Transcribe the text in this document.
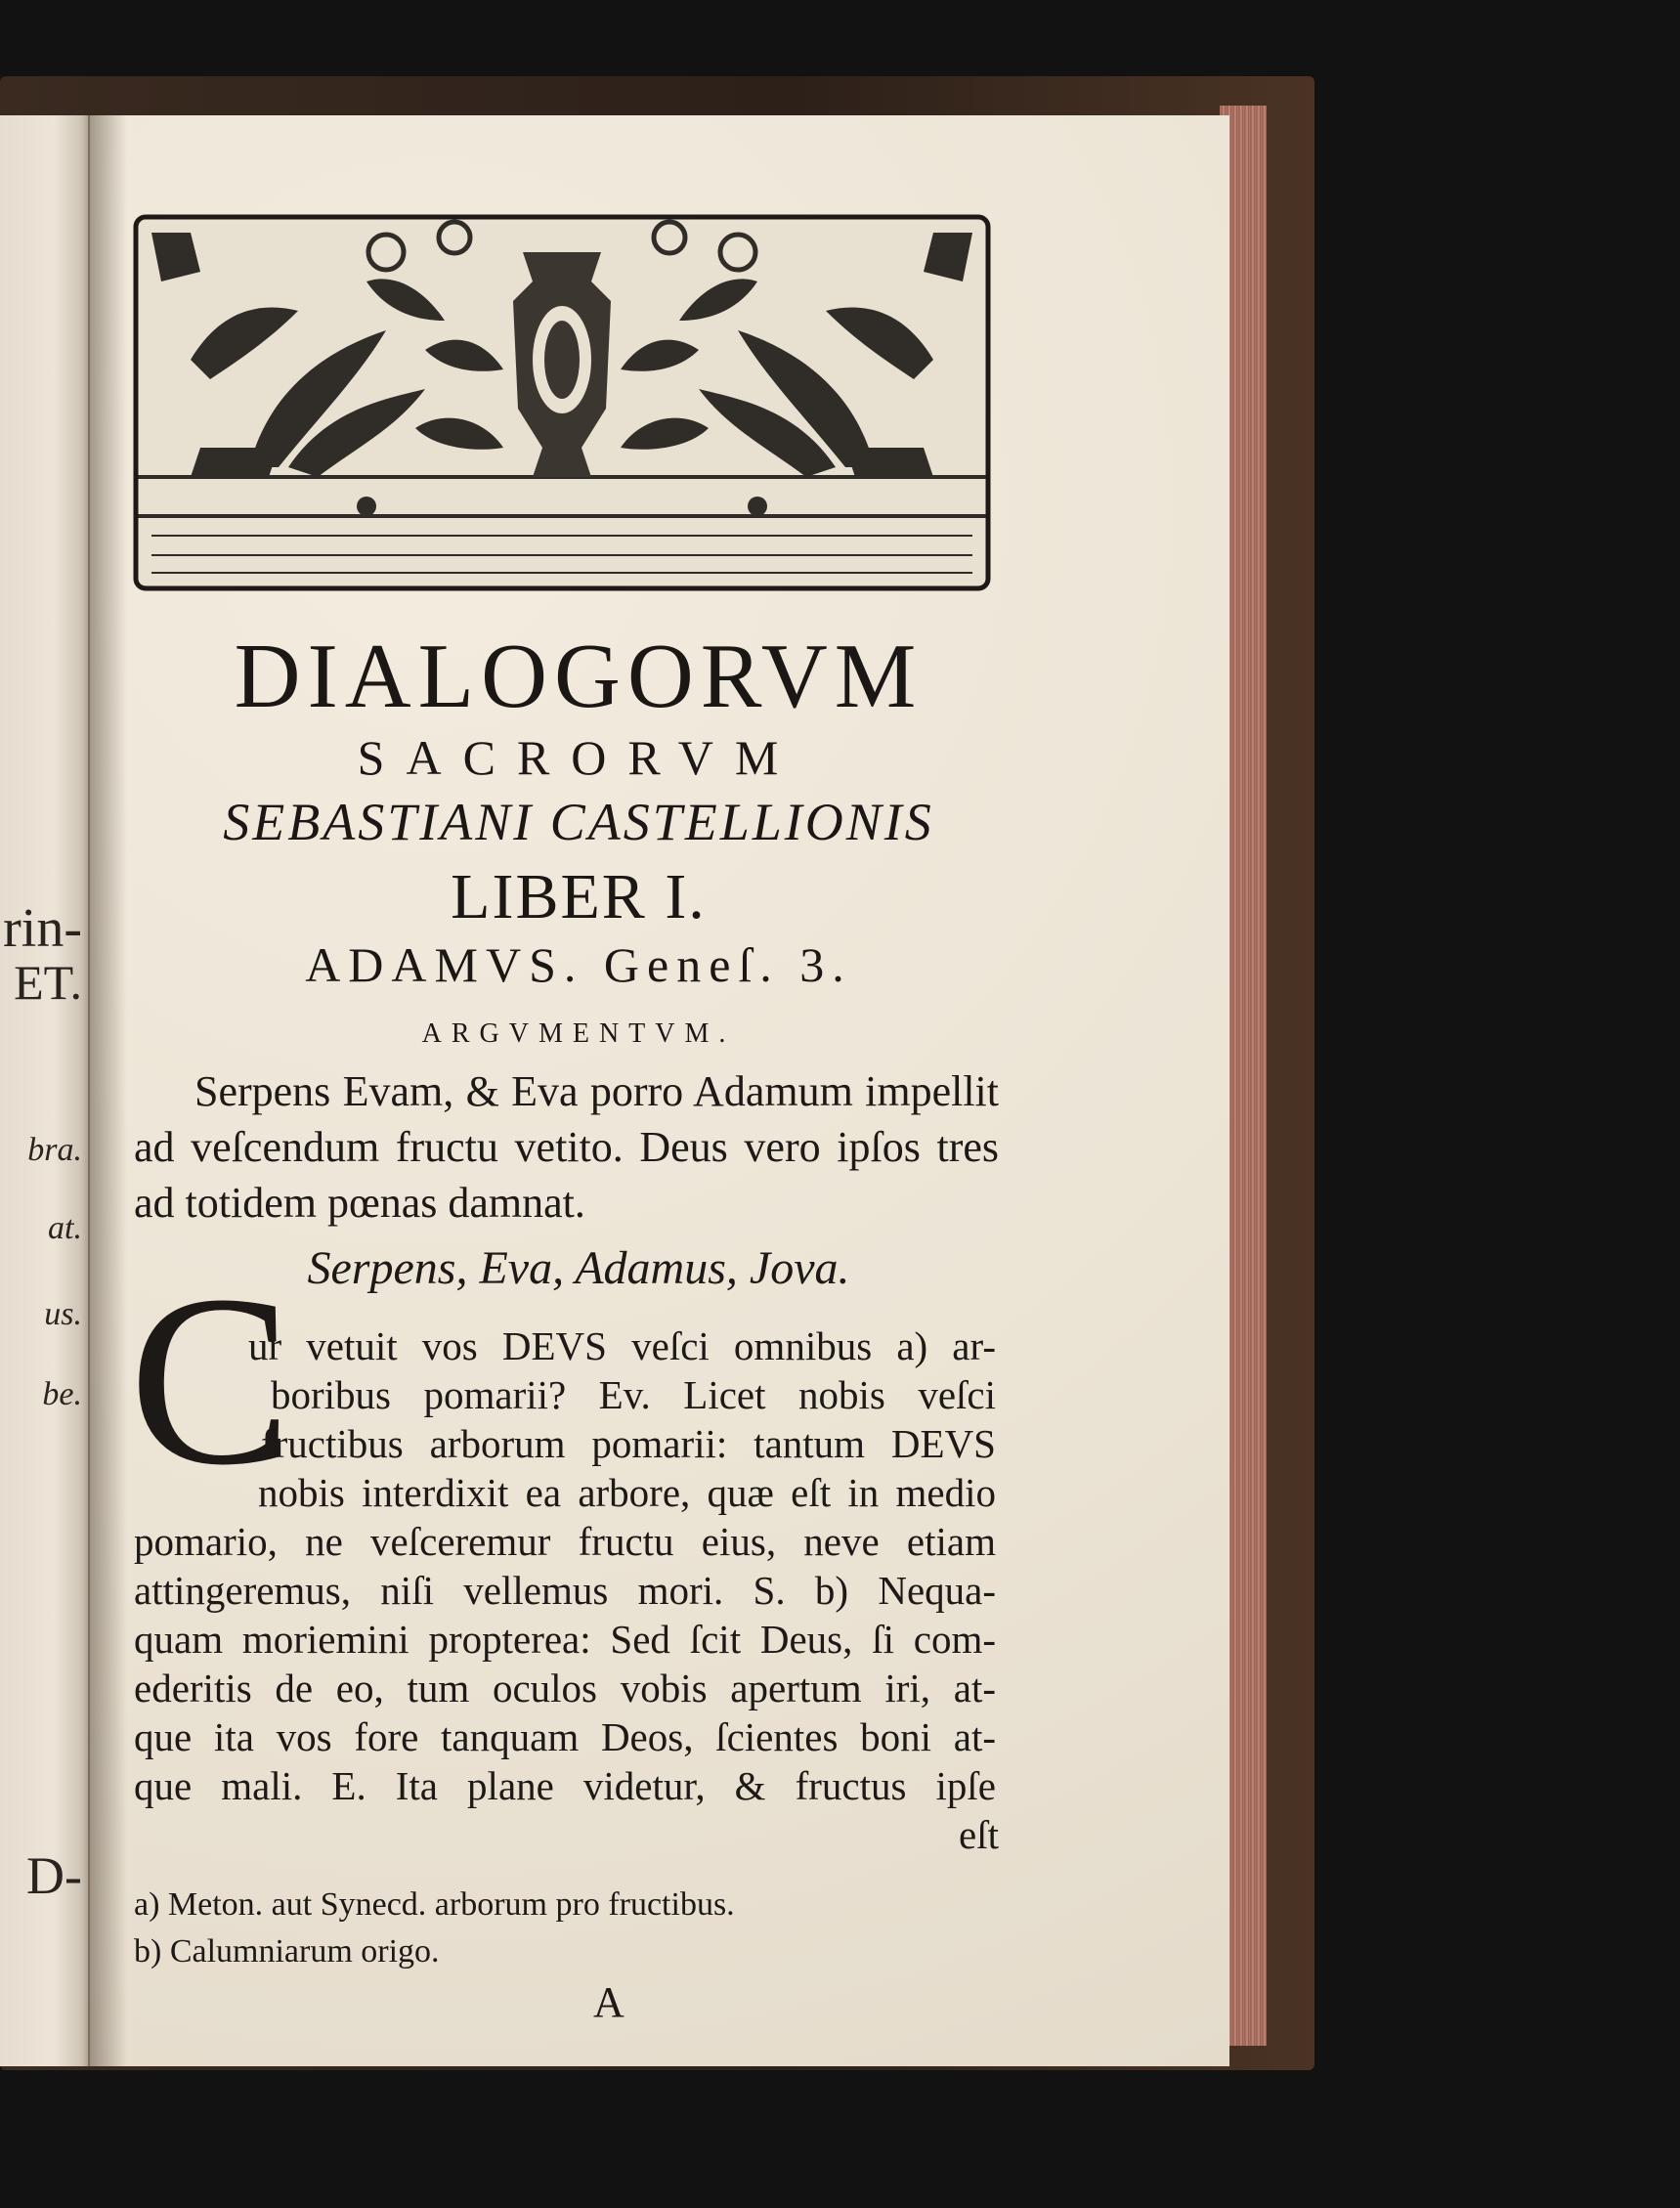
rin-
ET.
bra.
at.
us.
be.
D-

DIALOGORVM

SACRORVM

SEBASTIANI CASTELLIONIS

LIBER I.

ADAMVS. Geneſ. 3.

ARGVMENTVM.

Serpens Evam, & Eva porro Adamum impellit ad veſcendum fructu vetito. Deus vero ipſos tres ad totidem pœnas damnat.
Serpens, Eva, Adamus, Jova.
C
ur vetuit vos DEVS veſci omnibus a) ar-
boribus pomarii? Ev. Licet nobis veſci
fructibus arborum pomarii: tantum DEVS
nobis interdixit ea arbore, quæ eſt in medio
pomario, ne veſceremur fructu eius, neve etiam
attingeremus, niſi vellemus mori. S. b) Nequa-
quam moriemini propterea: Sed ſcit Deus, ſi com-
ederitis de eo, tum oculos vobis apertum iri, at-
que ita vos fore tanquam Deos, ſcientes boni at-
que mali. E. Ita plane videtur, & fructus ipſe
eſt
a) Meton. aut Synecd. arborum pro fructibus.
b) Calumniarum origo.
A
